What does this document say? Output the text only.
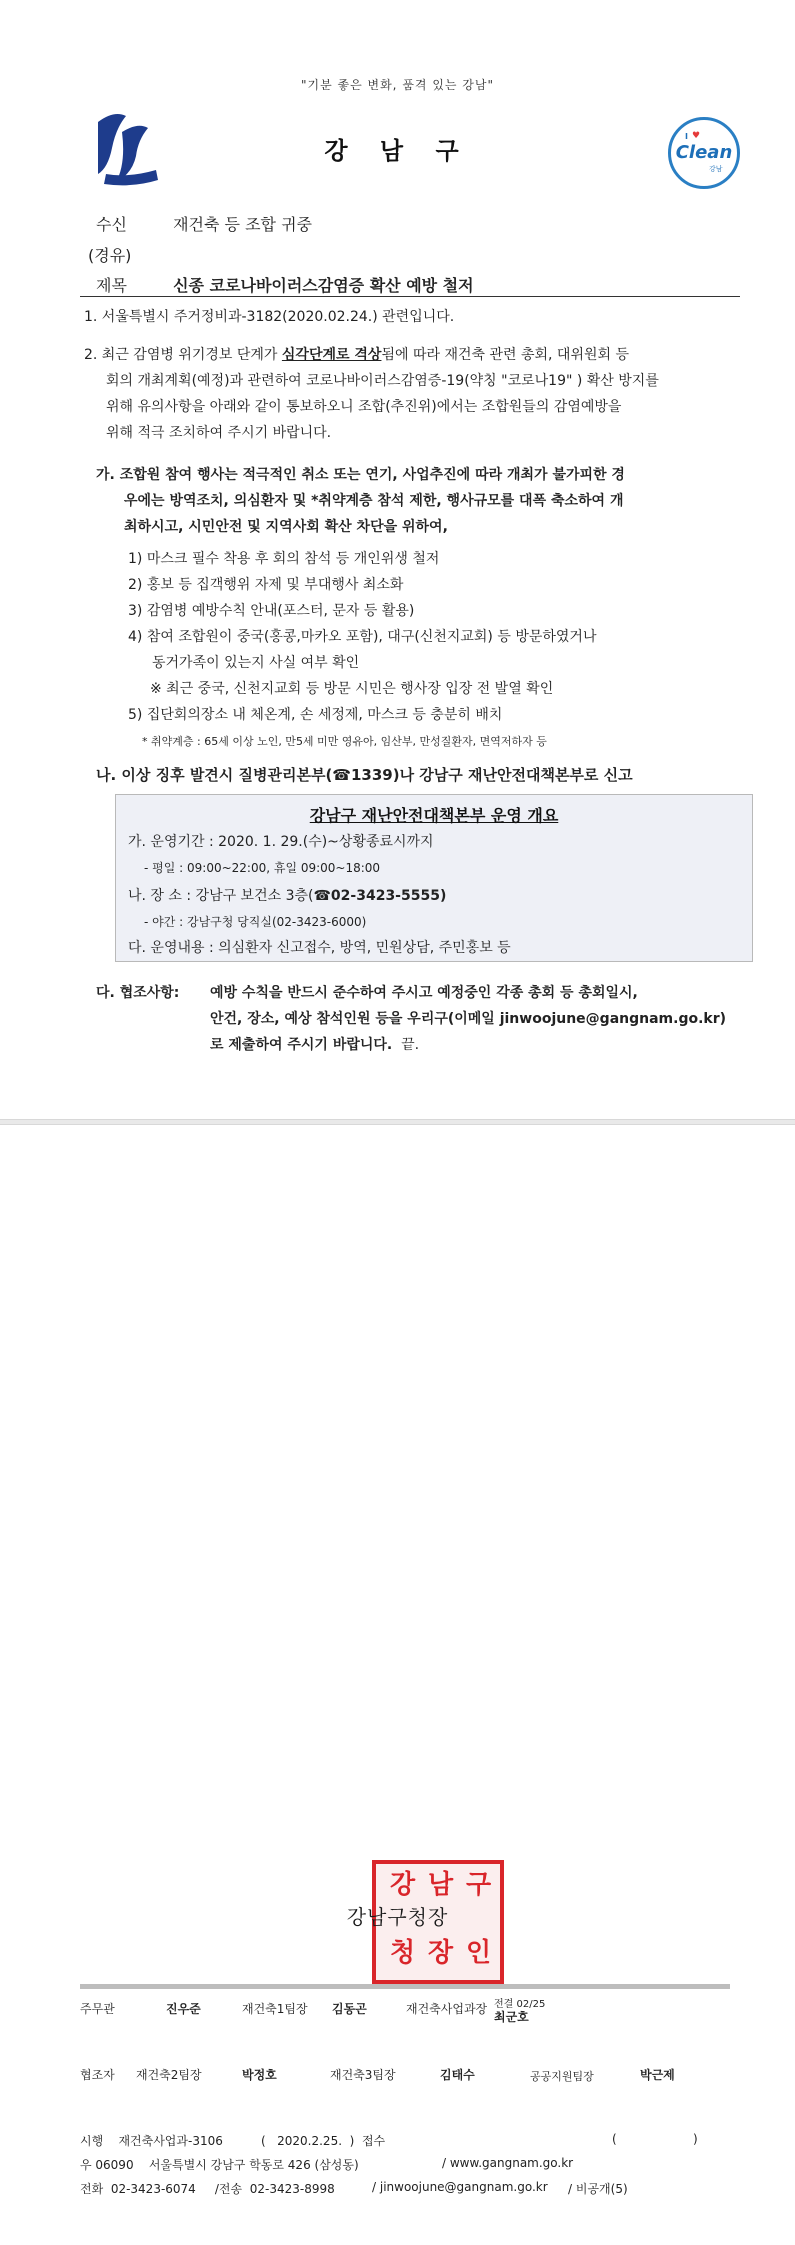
"기분 좋은 변화, 품격 있는 강남"
강 남 구
I ♥
Clean
강남
수신	재건축 등 조합 귀중
(경유)
제목	신종 코로나바이러스감염증 확산 예방 철저
1. 서울특별시 주거정비과-3182(2020.02.24.) 관련입니다.
2. 최근 감염병 위기경보 단계가 심각단계로 격상됨에 따라 재건축 관련 총회, 대위원회 등
회의 개최계획(예정)과 관련하여 코로나바이러스감염증-19(약칭 "코로나19" ) 확산 방지를
위해 유의사항을 아래와 같이 통보하오니 조합(추진위)에서는 조합원들의 감염예방을
위해 적극 조치하여 주시기 바랍니다.
가. 조합원 참여 행사는 적극적인 취소 또는 연기, 사업추진에 따라 개최가 불가피한 경
우에는 방역조치, 의심환자 및 *취약계층 참석 제한, 행사규모를 대폭 축소하여 개
최하시고, 시민안전 및 지역사회 확산 차단을 위하여,
1) 마스크 필수 착용 후 회의 참석 등 개인위생 철저
2) 홍보 등 집객행위 자제 및 부대행사 최소화
3) 감염병 예방수칙 안내(포스터, 문자 등 활용)
4) 참여 조합원이 중국(홍콩,마카오 포함), 대구(신천지교회) 등 방문하였거나
동거가족이 있는지 사실 여부 확인
※ 최근 중국, 신천지교회 등 방문 시민은 행사장 입장 전 발열 확인
5) 집단회의장소 내 체온계, 손 세정제, 마스크 등 충분히 배치
* 취약계층 : 65세 이상 노인, 만5세 미만 영유아, 임산부, 만성질환자, 면역저하자 등
나. 이상 징후 발견시 질병관리본부(☎1339)나 강남구 재난안전대책본부로 신고
강남구 재난안전대책본부 운영 개요
가. 운영기간 : 2020. 1. 29.(수)~상황종료시까지
- 평일 : 09:00~22:00, 휴일 09:00~18:00
나. 장 소 : 강남구 보건소 3층(☎02-3423-5555)
- 야간 : 강남구청 당직실(02-3423-6000)
다. 운영내용 : 의심환자 신고접수, 방역, 민원상담, 주민홍보 등
다. 협조사항: 예방 수칙을 반드시 준수하여 주시고 예정중인 각종 총회 등 총회일시,
안건, 장소, 예상 참석인원 등을 우리구(이메일 jinwoojune@gangnam.go.kr)
로 제출하여 주시기 바랍니다. 끝.
강 남 구
청 장 인
강남구청장
주무관	진우준	재건축1팀장 김동곤	재건축사업과장 전결 02/25
최군호
협조자 재건축2팀장	박정호	재건축3팀장	김태수	공공지원팀장	박근제
시행    재건축사업과-3106          (   2020.2.25.  )  접수	(                    )
우 06090    서울특별시 강남구 학동로 426 (삼성동)	/ www.gangnam.go.kr
전화  02-3423-6074     /전송  02-3423-8998	/ jinwoojune@gangnam.go.kr / 비공개(5)
